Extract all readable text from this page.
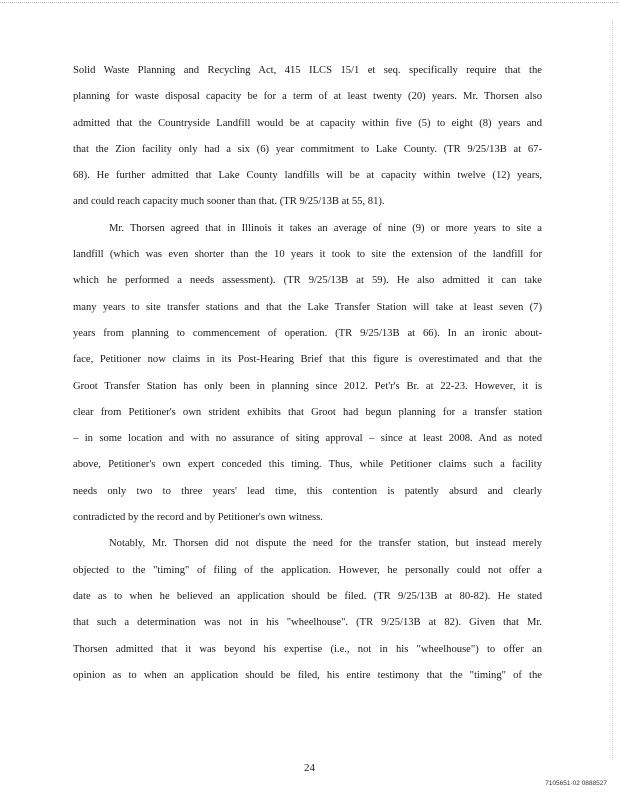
Solid Waste Planning and Recycling Act, 415 ILCS 15/1 et seq. specifically require that the
planning for waste disposal capacity be for a term of at least twenty (20) years. Mr. Thorsen also
admitted that the Countryside Landfill would be at capacity within five (5) to eight (8) years and
that the Zion facility only had a six (6) year commitment to Lake County. (TR 9/25/13B at 67-
68). He further admitted that Lake County landfills will be at capacity within twelve (12) years,
and could reach capacity much sooner than that. (TR 9/25/13B at 55, 81).
Mr. Thorsen agreed that in Illinois it takes an average of nine (9) or more years to site a
landfill (which was even shorter than the 10 years it took to site the extension of the landfill for
which he performed a needs assessment). (TR 9/25/13B at 59). He also admitted it can take
many years to site transfer stations and that the Lake Transfer Station will take at least seven (7)
years from planning to commencement of operation. (TR 9/25/13B at 66). In an ironic about-
face, Petitioner now claims in its Post-Hearing Brief that this figure is overestimated and that the
Groot Transfer Station has only been in planning since 2012. Pet'r's Br. at 22-23. However, it is
clear from Petitioner's own strident exhibits that Groot had begun planning for a transfer station
– in some location and with no assurance of siting approval – since at least 2008. And as noted
above, Petitioner's own expert conceded this timing. Thus, while Petitioner claims such a facility
needs only two to three years' lead time, this contention is patently absurd and clearly
contradicted by the record and by Petitioner's own witness.
Notably, Mr. Thorsen did not dispute the need for the transfer station, but instead merely
objected to the "timing" of filing of the application. However, he personally could not offer a
date as to when he believed an application should be filed. (TR 9/25/13B at 80-82). He stated
that such a determination was not in his "wheelhouse". (TR 9/25/13B at 82). Given that Mr.
Thorsen admitted that it was beyond his expertise (i.e., not in his "wheelhouse") to offer an
opinion as to when an application should be filed, his entire testimony that the "timing" of the
24
7105651·02 0888527
